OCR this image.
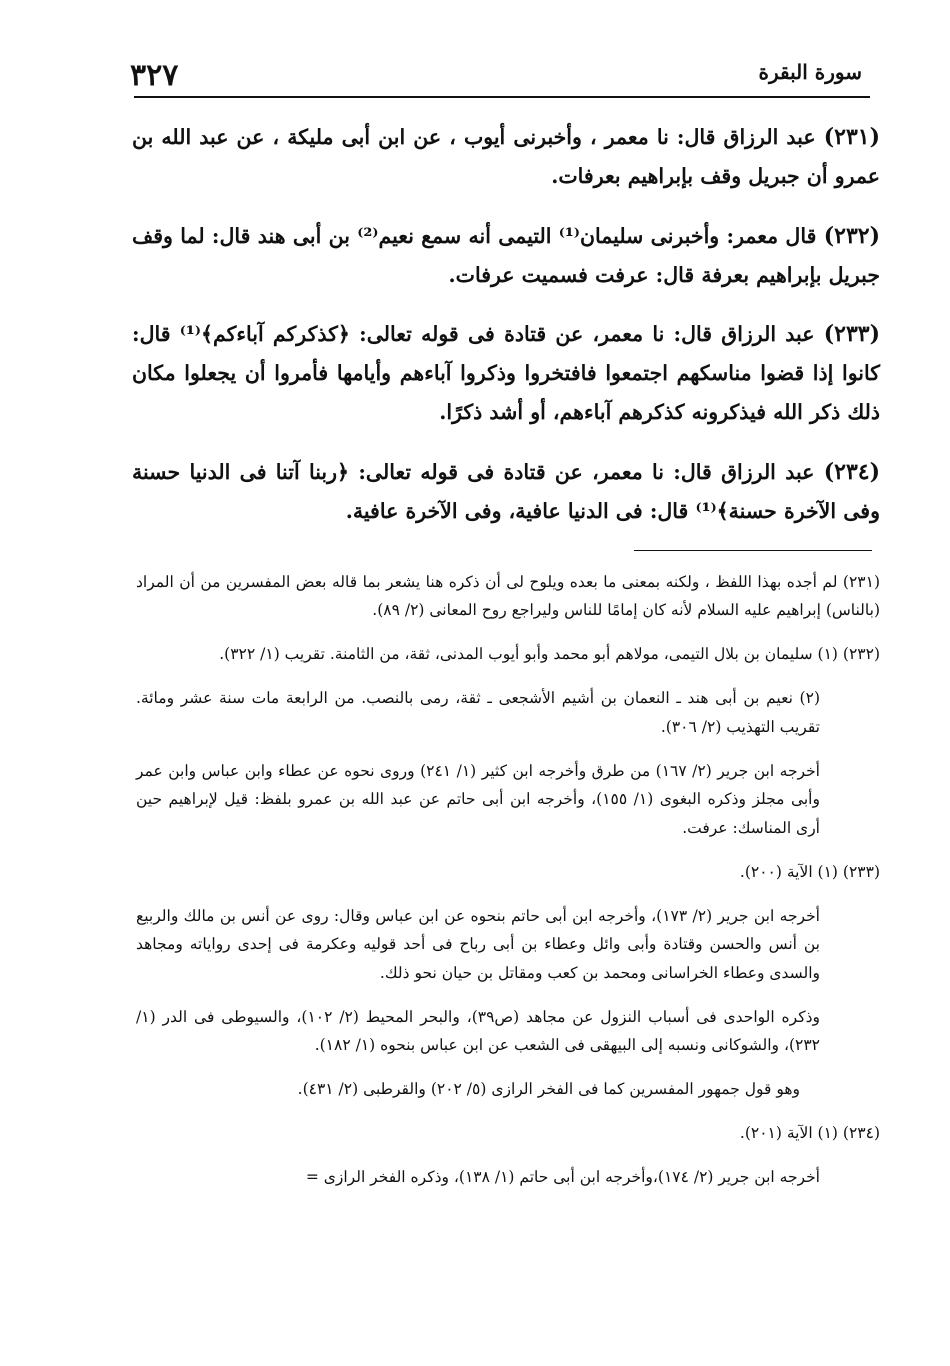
سورة البقرة
٣٢٧

(٢٣١) عبد الرزاق قال: نا معمر ، وأخبرنى أيوب ، عن ابن أبى مليكة ، عن عبد الله بن عمرو أن جبريل وقف بإبراهيم بعرفات.

(٢٣٢) قال معمر: وأخبرنى سليمان⁽¹⁾ التيمى أنه سمع نعيم⁽²⁾ بن أبى هند قال: لما وقف جبريل بإبراهيم بعرفة قال: عرفت فسميت عرفات.

(٢٣٣) عبد الرزاق قال: نا معمر، عن قتادة فى قوله تعالى: ﴿كذكركم آباءكم﴾⁽¹⁾ قال: كانوا إذا قضوا مناسكهم اجتمعوا فافتخروا وذكروا آباءهم وأيامها فأمروا أن يجعلوا مكان ذلك ذكر الله فيذكرونه كذكرهم آباءهم، أو أشد ذكرًا.

(٢٣٤) عبد الرزاق قال: نا معمر، عن قتادة فى قوله تعالى: ﴿ربنا آتنا فى الدنيا حسنة وفى الآخرة حسنة﴾⁽¹⁾ قال: فى الدنيا عافية، وفى الآخرة عافية.

(٢٣١) لم أجده بهذا اللفظ ، ولكنه بمعنى ما بعده ويلوح لى أن ذكره هنا يشعر بما قاله بعض المفسرين من أن المراد (بالناس) إبراهيم عليه السلام لأنه كان إمامًا للناس وليراجع روح المعانى (٢/ ٨٩).

(٢٣٢) (١) سليمان بن بلال التيمى، مولاهم أبو محمد وأبو أيوب المدنى، ثقة، من الثامنة. تقريب (١/ ٣٢٢).

(٢) نعيم بن أبى هند ـ النعمان بن أشيم الأشجعى ـ ثقة، رمى بالنصب. من الرابعة مات سنة عشر ومائة. تقريب التهذيب (٢/ ٣٠٦).

أخرجه ابن جرير (٢/ ١٦٧) من طرق وأخرجه ابن كثير (١/ ٢٤١) وروى نحوه عن عطاء وابن عباس وابن عمر وأبى مجلز وذكره البغوى (١/ ١٥٥)، وأخرجه ابن أبى حاتم عن عبد الله بن عمرو بلفظ: قيل لإبراهيم حين أرى المناسك: عرفت.

(٢٣٣) (١) الآية (٢٠٠).

أخرجه ابن جرير (٢/ ١٧٣)، وأخرجه ابن أبى حاتم بنحوه عن ابن عباس وقال: روى عن أنس بن مالك والربيع بن أنس والحسن وقتادة وأبى وائل وعطاء بن أبى رباح فى أحد قوليه وعكرمة فى إحدى رواياته ومجاهد والسدى وعطاء الخراسانى ومحمد بن كعب ومقاتل بن حيان نحو ذلك.

وذكره الواحدى فى أسباب النزول عن مجاهد (ص٣٩)، والبحر المحيط (٢/ ١٠٢)، والسيوطى فى الدر (١/ ٢٣٢)، والشوكانى ونسبه إلى البيهقى فى الشعب عن ابن عباس بنحوه (١/ ١٨٢).

وهو قول جمهور المفسرين كما فى الفخر الرازى (٥/ ٢٠٢) والقرطبى (٢/ ٤٣١).

(٢٣٤) (١) الآية (٢٠١).

أخرجه ابن جرير (٢/ ١٧٤)،وأخرجه ابن أبى حاتم (١/ ١٣٨)، وذكره الفخر الرازى =
